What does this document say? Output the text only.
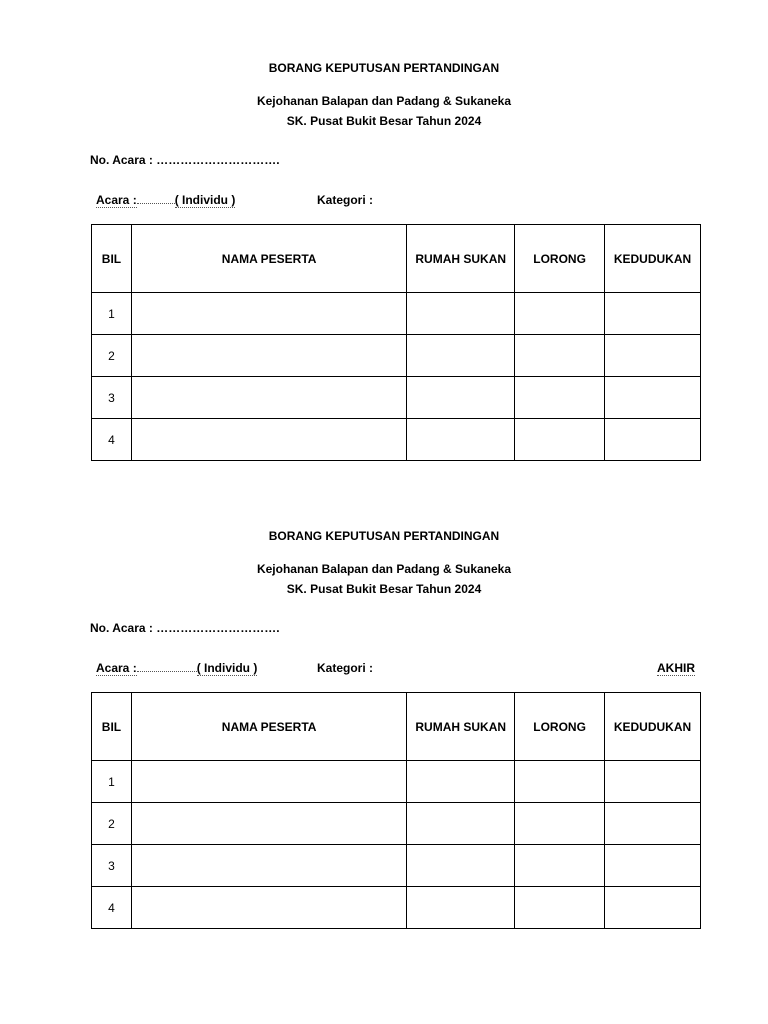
BORANG KEPUTUSAN PERTANDINGAN
Kejohanan Balapan dan Padang & Sukaneka
SK. Pusat Bukit Besar Tahun 2024
No. Acara : ………………………….
Acara :	( Individu )	Kategori :
BIL	NAMA PESERTA	RUMAH SUKAN	LORONG	KEDUDUKAN
1				
2				
3				
4				
BORANG KEPUTUSAN PERTANDINGAN
Kejohanan Balapan dan Padang & Sukaneka
SK. Pusat Bukit Besar Tahun 2024
No. Acara : ………………………….
Acara :	( Individu )	Kategori :	AKHIR
BIL	NAMA PESERTA	RUMAH SUKAN	LORONG	KEDUDUKAN
1				
2				
3				
4				
